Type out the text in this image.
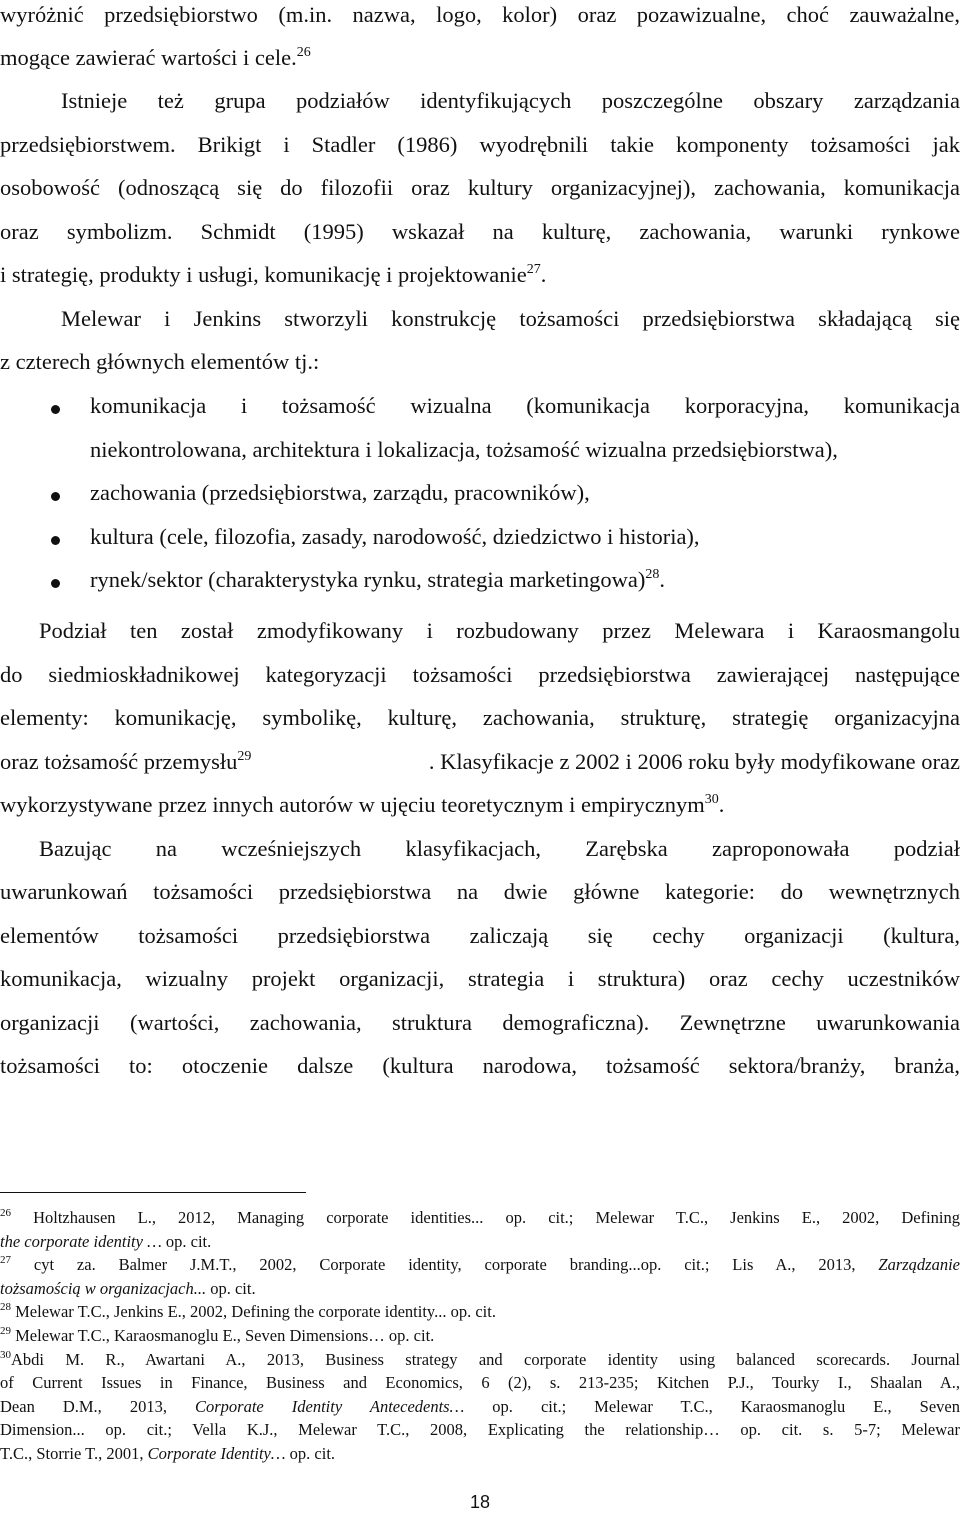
wyróżnić przedsiębiorstwo (m.in. nazwa, logo, kolor) oraz pozawizualne, choć zauważalne,
mogące zawierać wartości i cele.$^{26}$
Istnieje też grupa podziałów identyfikujących poszczególne obszary zarządzania
przedsiębiorstwem. Brikigt i Stadler (1986) wyodrębnili takie komponenty tożsamości jak
osobowość (odnoszącą się do filozofii oraz kultury organizacyjnej), zachowania, komunikacja
oraz symbolizm. Schmidt (1995) wskazał na kulturę, zachowania, warunki rynkowe
i strategię, produkty i usługi, komunikację i projektowanie$^{27}$.
Melewar i Jenkins stworzyli konstrukcję tożsamości przedsiębiorstwa składającą się
z czterech głównych elementów tj.:
komunikacja i tożsamość wizualna (komunikacja korporacyjna, komunikacja
niekontrolowana, architektura i lokalizacja, tożsamość wizualna przedsiębiorstwa),
zachowania (przedsiębiorstwa, zarządu, pracowników),
kultura (cele, filozofia, zasady, narodowość, dziedzictwo i historia),
rynek/sektor (charakterystyka rynku, strategia marketingowa)$^{28}$.
Podział ten został zmodyfikowany i rozbudowany przez Melewara i Karaosmangolu
do siedmioskładnikowej kategoryzacji tożsamości przedsiębiorstwa zawierającej następujące
elementy: komunikację, symbolikę, kulturę, zachowania, strukturę, strategię organizacyjna
oraz tożsamość przemysłu$^{29}$	. Klasyfikacje z 2002 i 2006 roku były modyfikowane oraz
wykorzystywane przez innych autorów w ujęciu teoretycznym i empirycznym$^{30}$.
Bazując na wcześniejszych klasyfikacjach, Zarębska zaproponowała podział
uwarunkowań tożsamości przedsiębiorstwa na dwie główne kategorie: do wewnętrznych
elementów tożsamości przedsiębiorstwa zaliczają się cechy organizacji (kultura,
komunikacja, wizualny projekt organizacji, strategia i struktura) oraz cechy uczestników
organizacji (wartości, zachowania, struktura demograficzna). Zewnętrzne uwarunkowania
tożsamości to: otoczenie dalsze (kultura narodowa, tożsamość sektora/branży, branża,
$^{26}$ Holtzhausen L., 2012, Managing corporate identities... op. cit.; Melewar T.C., Jenkins E., 2002, Defining
the corporate identity … op. cit.
$^{27}$ cyt za. Balmer J.M.T., 2002, Corporate identity, corporate branding...op. cit.; Lis A., 2013, Zarządzanie
tożsamością w organizacjach... op. cit.
$^{28}$ Melewar T.C., Jenkins E., 2002, Defining the corporate identity... op. cit.
$^{29}$ Melewar T.C., Karaosmanoglu E., Seven Dimensions… op. cit.
$^{30}$Abdi M. R., Awartani A., 2013, Business strategy and corporate identity using balanced scorecards. Journal
of Current Issues in Finance, Business and Economics, 6 (2), s. 213-235; Kitchen P.J., Tourky I., Shaalan A.,
Dean D.M., 2013, Corporate Identity Antecedents… op. cit.; Melewar T.C., Karaosmanoglu E., Seven
Dimension... op. cit.; Vella K.J., Melewar T.C., 2008, Explicating the relationship… op. cit. s. 5-7; Melewar
T.C., Storrie T., 2001, Corporate Identity… op. cit.
18
